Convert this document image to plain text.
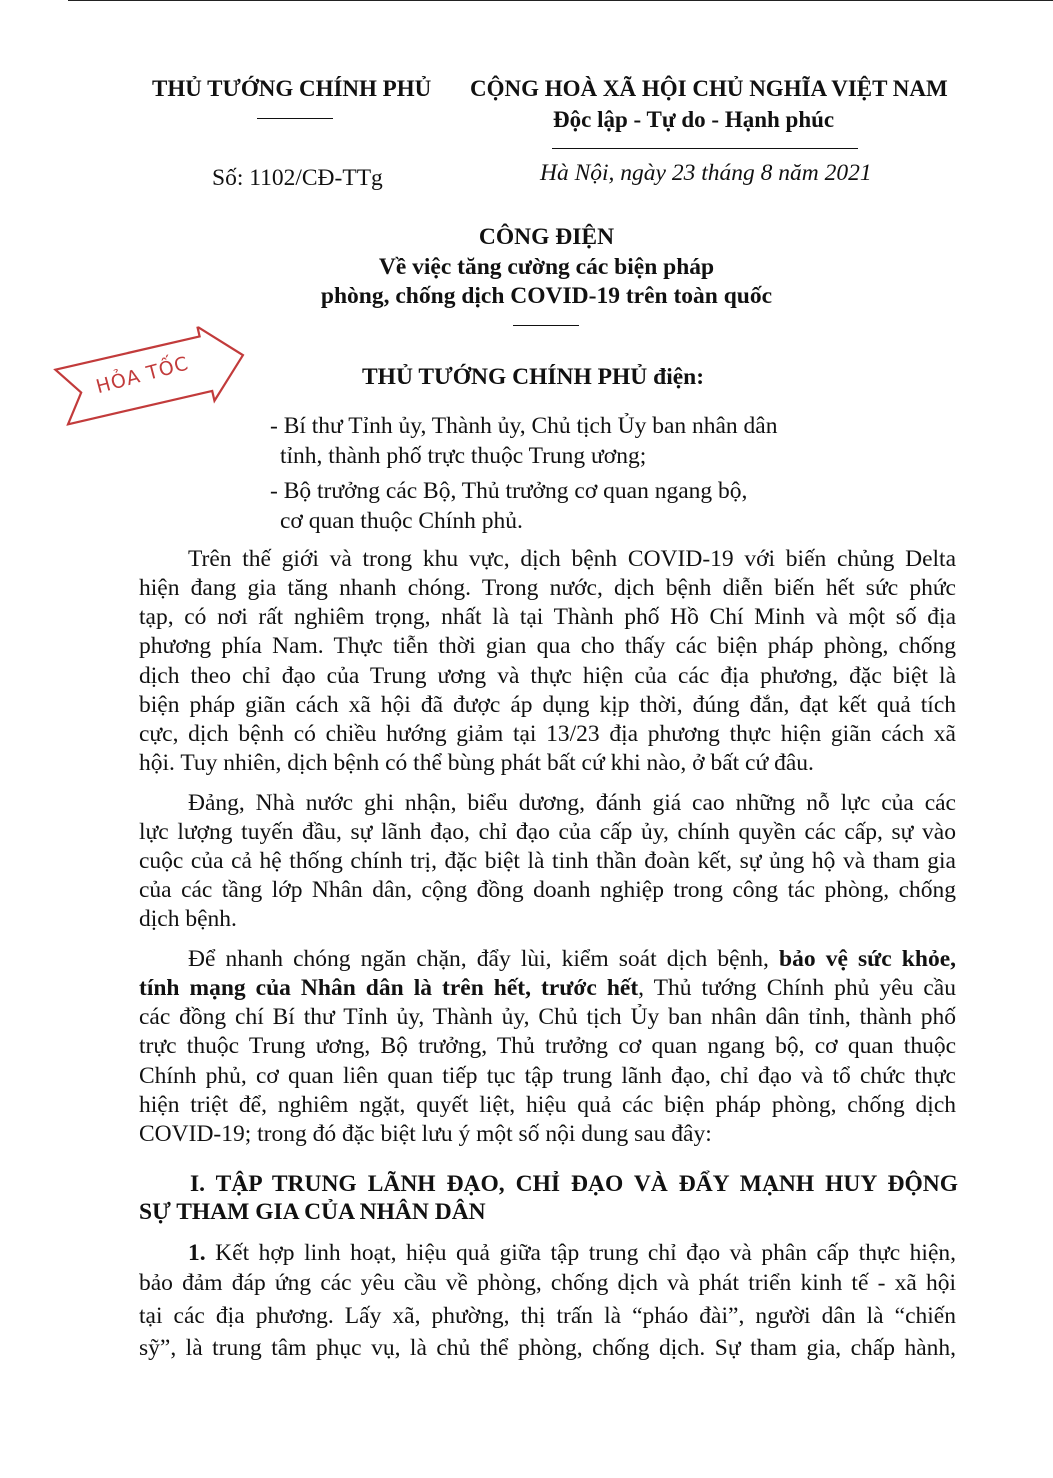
THỦ TƯỚNG CHÍNH PHỦ CỘNG HOÀ XÃ HỘI CHỦ NGHĨA VIỆT NAM
Độc lập - Tự do - Hạnh phúc
Số: 1102/CĐ-TTg	Hà Nội, ngày 23 tháng 8 năm 2021
CÔNG ĐIỆN
Về việc tăng cường các biện pháp
phòng, chống dịch COVID-19 trên toàn quốc
HỎA TỐC	THỦ TƯỚNG CHÍNH PHỦ điện:
- Bí thư Tỉnh ủy, Thành ủy, Chủ tịch Ủy ban nhân dân
tỉnh, thành phố trực thuộc Trung ương;
- Bộ trưởng các Bộ, Thủ trưởng cơ quan ngang bộ,
cơ quan thuộc Chính phủ.
Trên thế giới và trong khu vực, dịch bệnh COVID-19 với biến chủng Delta
hiện đang gia tăng nhanh chóng. Trong nước, dịch bệnh diễn biến hết sức phức
tạp, có nơi rất nghiêm trọng, nhất là tại Thành phố Hồ Chí Minh và một số địa
phương phía Nam. Thực tiễn thời gian qua cho thấy các biện pháp phòng, chống
dịch theo chỉ đạo của Trung ương và thực hiện của các địa phương, đặc biệt là
biện pháp giãn cách xã hội đã được áp dụng kịp thời, đúng đắn, đạt kết quả tích
cực, dịch bệnh có chiều hướng giảm tại 13/23 địa phương thực hiện giãn cách xã
hội. Tuy nhiên, dịch bệnh có thể bùng phát bất cứ khi nào, ở bất cứ đâu.
Đảng, Nhà nước ghi nhận, biểu dương, đánh giá cao những nỗ lực của các
lực lượng tuyến đầu, sự lãnh đạo, chỉ đạo của cấp ủy, chính quyền các cấp, sự vào
cuộc của cả hệ thống chính trị, đặc biệt là tinh thần đoàn kết, sự ủng hộ và tham gia
của các tầng lớp Nhân dân, cộng đồng doanh nghiệp trong công tác phòng, chống
dịch bệnh.
Để nhanh chóng ngăn chặn, đẩy lùi, kiểm soát dịch bệnh, bảo vệ sức khỏe,
tính mạng của Nhân dân là trên hết, trước hết, Thủ tướng Chính phủ yêu cầu
các đồng chí Bí thư Tỉnh ủy, Thành ủy, Chủ tịch Ủy ban nhân dân tỉnh, thành phố
trực thuộc Trung ương, Bộ trưởng, Thủ trưởng cơ quan ngang bộ, cơ quan thuộc
Chính phủ, cơ quan liên quan tiếp tục tập trung lãnh đạo, chỉ đạo và tổ chức thực
hiện triệt để, nghiêm ngặt, quyết liệt, hiệu quả các biện pháp phòng, chống dịch
COVID-19; trong đó đặc biệt lưu ý một số nội dung sau đây:
I. TẬP TRUNG LÃNH ĐẠO, CHỈ ĐẠO VÀ ĐẨY MẠNH HUY ĐỘNG
SỰ THAM GIA CỦA NHÂN DÂN
1. Kết hợp linh hoạt, hiệu quả giữa tập trung chỉ đạo và phân cấp thực hiện,
bảo đảm đáp ứng các yêu cầu về phòng, chống dịch và phát triển kinh tế - xã hội
tại các địa phương. Lấy xã, phường, thị trấn là “pháo đài”, người dân là “chiến
sỹ”, là trung tâm phục vụ, là chủ thể phòng, chống dịch. Sự tham gia, chấp hành,
